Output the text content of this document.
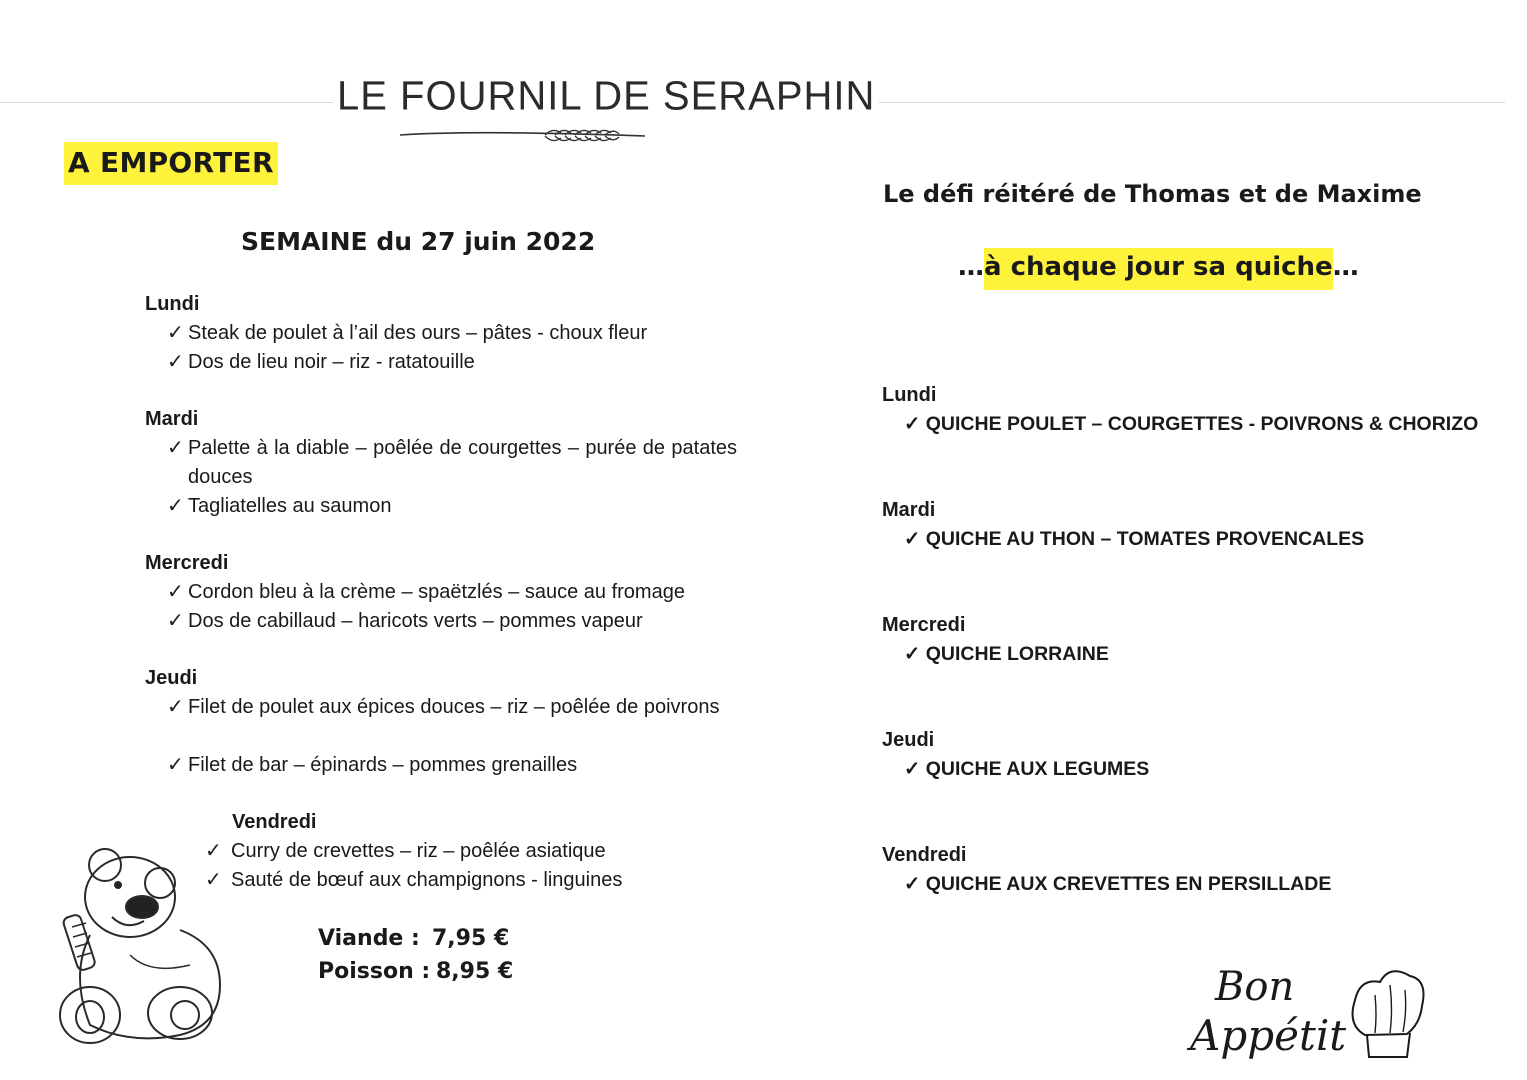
LE FOURNIL DE SERAPHIN
A EMPORTER
SEMAINE du 27 juin 2022
Lundi
✓ Steak de poulet à l’ail des ours – pâtes - choux fleur
✓ Dos de lieu noir – riz - ratatouille
Mardi
✓ Palette à la diable – poêlée de courgettes – purée de patates douces
✓ Tagliatelles au saumon
Mercredi
✓ Cordon bleu à la crème – spaëtzlés – sauce au fromage
✓ Dos de cabillaud – haricots verts – pommes vapeur
Jeudi
✓ Filet de poulet aux épices douces – riz – poêlée de poivrons
✓ Filet de bar – épinards – pommes grenailles
Vendredi
✓ Curry de crevettes – riz – poêlée asiatique
✓ Sauté de bœuf aux champignons - linguines
Viande : 7,95 €
Poisson : 8,95 €
Le défi réitéré de Thomas et de Maxime
…à chaque jour sa quiche…
Lundi
✓ QUICHE POULET – COURGETTES - POIVRONS & CHORIZO
Mardi
✓ QUICHE AU THON – TOMATES PROVENCALES
Mercredi
✓ QUICHE LORRAINE
Jeudi
✓ QUICHE AUX LEGUMES
Vendredi
✓ QUICHE AUX CREVETTES EN PERSILLADE
Bon
Appétit
